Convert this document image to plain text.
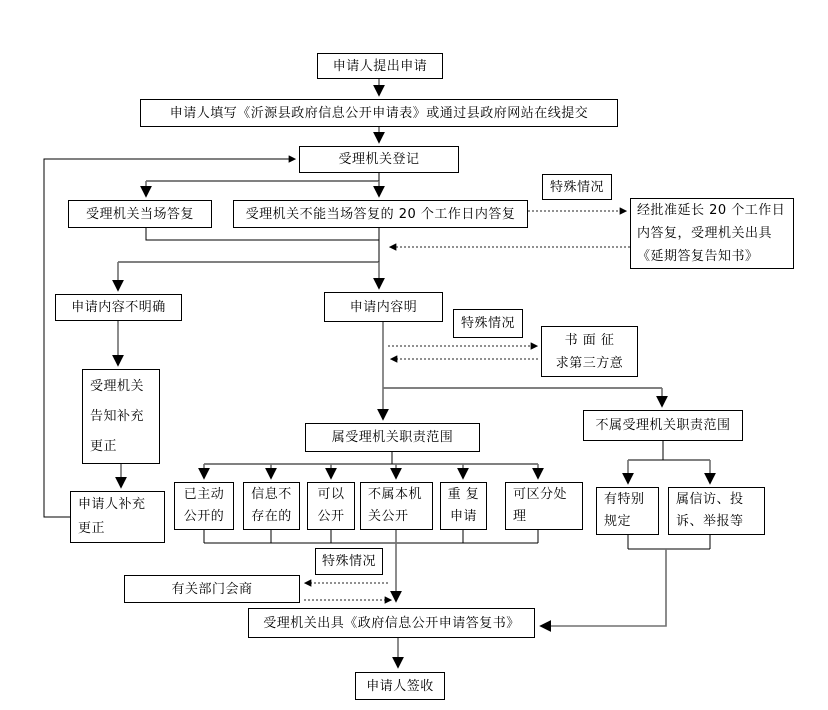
申请人提出申请
申请人填写《沂源县政府信息公开申请表》或通过县政府网站在线提交
受理机关登记
受理机关当场答复	受理机关不能当场答复的 20 个工作日内答复
特殊情况
经批准延长 20 个工作日
内答复，受理机关出具
《延期答复告知书》
申请内容不明确	申请内容明
特殊情况
书 面 征
求第三方意
受理机关
告知补充
更正
申请人补充
更正
属受理机关职责范围
不属受理机关职责范围
已主动
公开的
信息不
存在的
可以
公开
不属本机
关公开
重 复
申请
可区分处
理
有特别
规定
属信访、投
诉、举报等
特殊情况
有关部门会商
受理机关出具《政府信息公开申请答复书》
申请人签收
